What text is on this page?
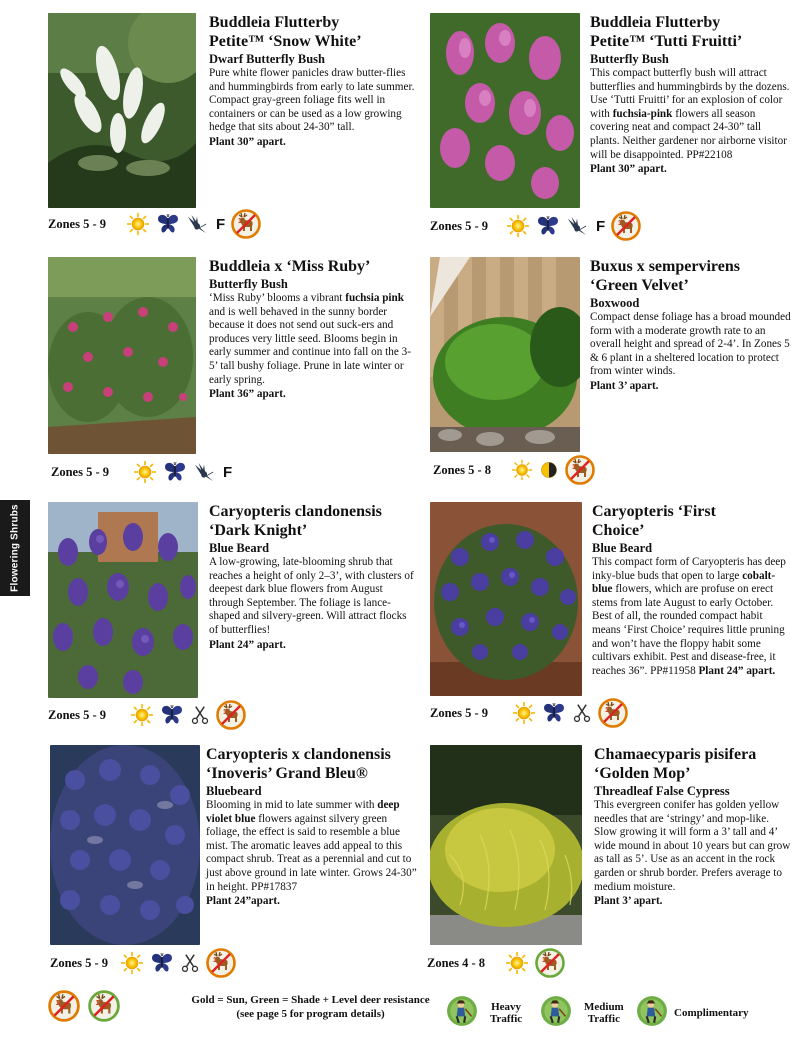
Flowering Shrubs
Buddleia Flutterby
Petite™ ‘Snow White’
Dwarf Butterfly Bush
Pure white flower panicles draw butter-flies and hummingbirds from early to late summer. Compact gray-green foliage fits well in containers or can be used as a low growing hedge that sits about 24-30” tall.
Plant 30” apart.
Zones 5 - 9	F
Buddleia Flutterby
Petite™ ‘Tutti Fruitti’
Butterfly Bush
This compact butterfly bush will attract butterflies and hummingbirds by the dozens. Use ‘Tutti Fruitti’ for an explosion of color with fuchsia-pink flowers all season covering neat and compact 24-30” tall plants. Neither gardener nor airborne visitor will be disappointed. PP#22108
Plant 30” apart.
Zones 5 - 9	F
Buddleia x ‘Miss Ruby’
Butterfly Bush
‘Miss Ruby’ blooms a vibrant fuchsia pink and is well behaved in the sunny border because it does not send out suck-ers and produces very little seed. Blooms begin in early summer and continue into fall on the 3-5’ tall bushy foliage. Prune in late winter or early spring.
Plant 36” apart.
Zones 5 - 9	F
Buxus x sempervirens
‘Green Velvet’
Boxwood
Compact dense foliage has a broad mounded form with a moderate growth rate to an overall height and spread of 2-4’. In Zones 5 & 6 plant in a sheltered location to protect from winter winds.
Plant 3’ apart.
Zones 5 - 8
Caryopteris clandonensis
‘Dark Knight’
Blue Beard
A low-growing, late-blooming shrub that reaches a height of only 2–3’, with clusters of deepest dark blue flowers from August through September. The foliage is lance-shaped and silvery-green. Will attract flocks of butterflies!
Plant 24” apart.
Zones 5 - 9
Caryopteris ‘First
Choice’
Blue Beard
This compact form of Caryopteris has deep inky-blue buds that open to large cobalt-blue flowers, which are profuse on erect stems from late August to early October. Best of all, the rounded compact habit means ‘First Choice’ requires little pruning and won’t have the floppy habit some cultivars exhibit. Pest and disease-free, it reaches 36”. PP#11958 Plant 24” apart.
Zones 5 - 9
Caryopteris x clandonensis
‘Inoveris’ Grand Bleu®
Bluebeard
Blooming in mid to late summer with deep violet blue flowers against silvery green foliage, the effect is said to resemble a blue mist. The aromatic leaves add appeal to this compact shrub. Treat as a perennial and cut to just above ground in late winter. Grows 24-30” in height. PP#17837
Plant 24”apart.
Zones 5 - 9
Chamaecyparis pisifera
‘Golden Mop’
Threadleaf False Cypress
This evergreen conifer has golden yellow needles that are ‘stringy’ and mop-like. Slow growing it will form a 3’ tall and 4’ wide mound in about 10 years but can grow as tall as 5’. Use as an accent in the rock garden or shrub border. Prefers average to medium moisture.
Plant 3’ apart.
Zones 4 - 8
Gold = Sun, Green = Shade + Level deer resistance
(see page 5 for program details)
Heavy
Traffic
Medium
Traffic	Complimentary
